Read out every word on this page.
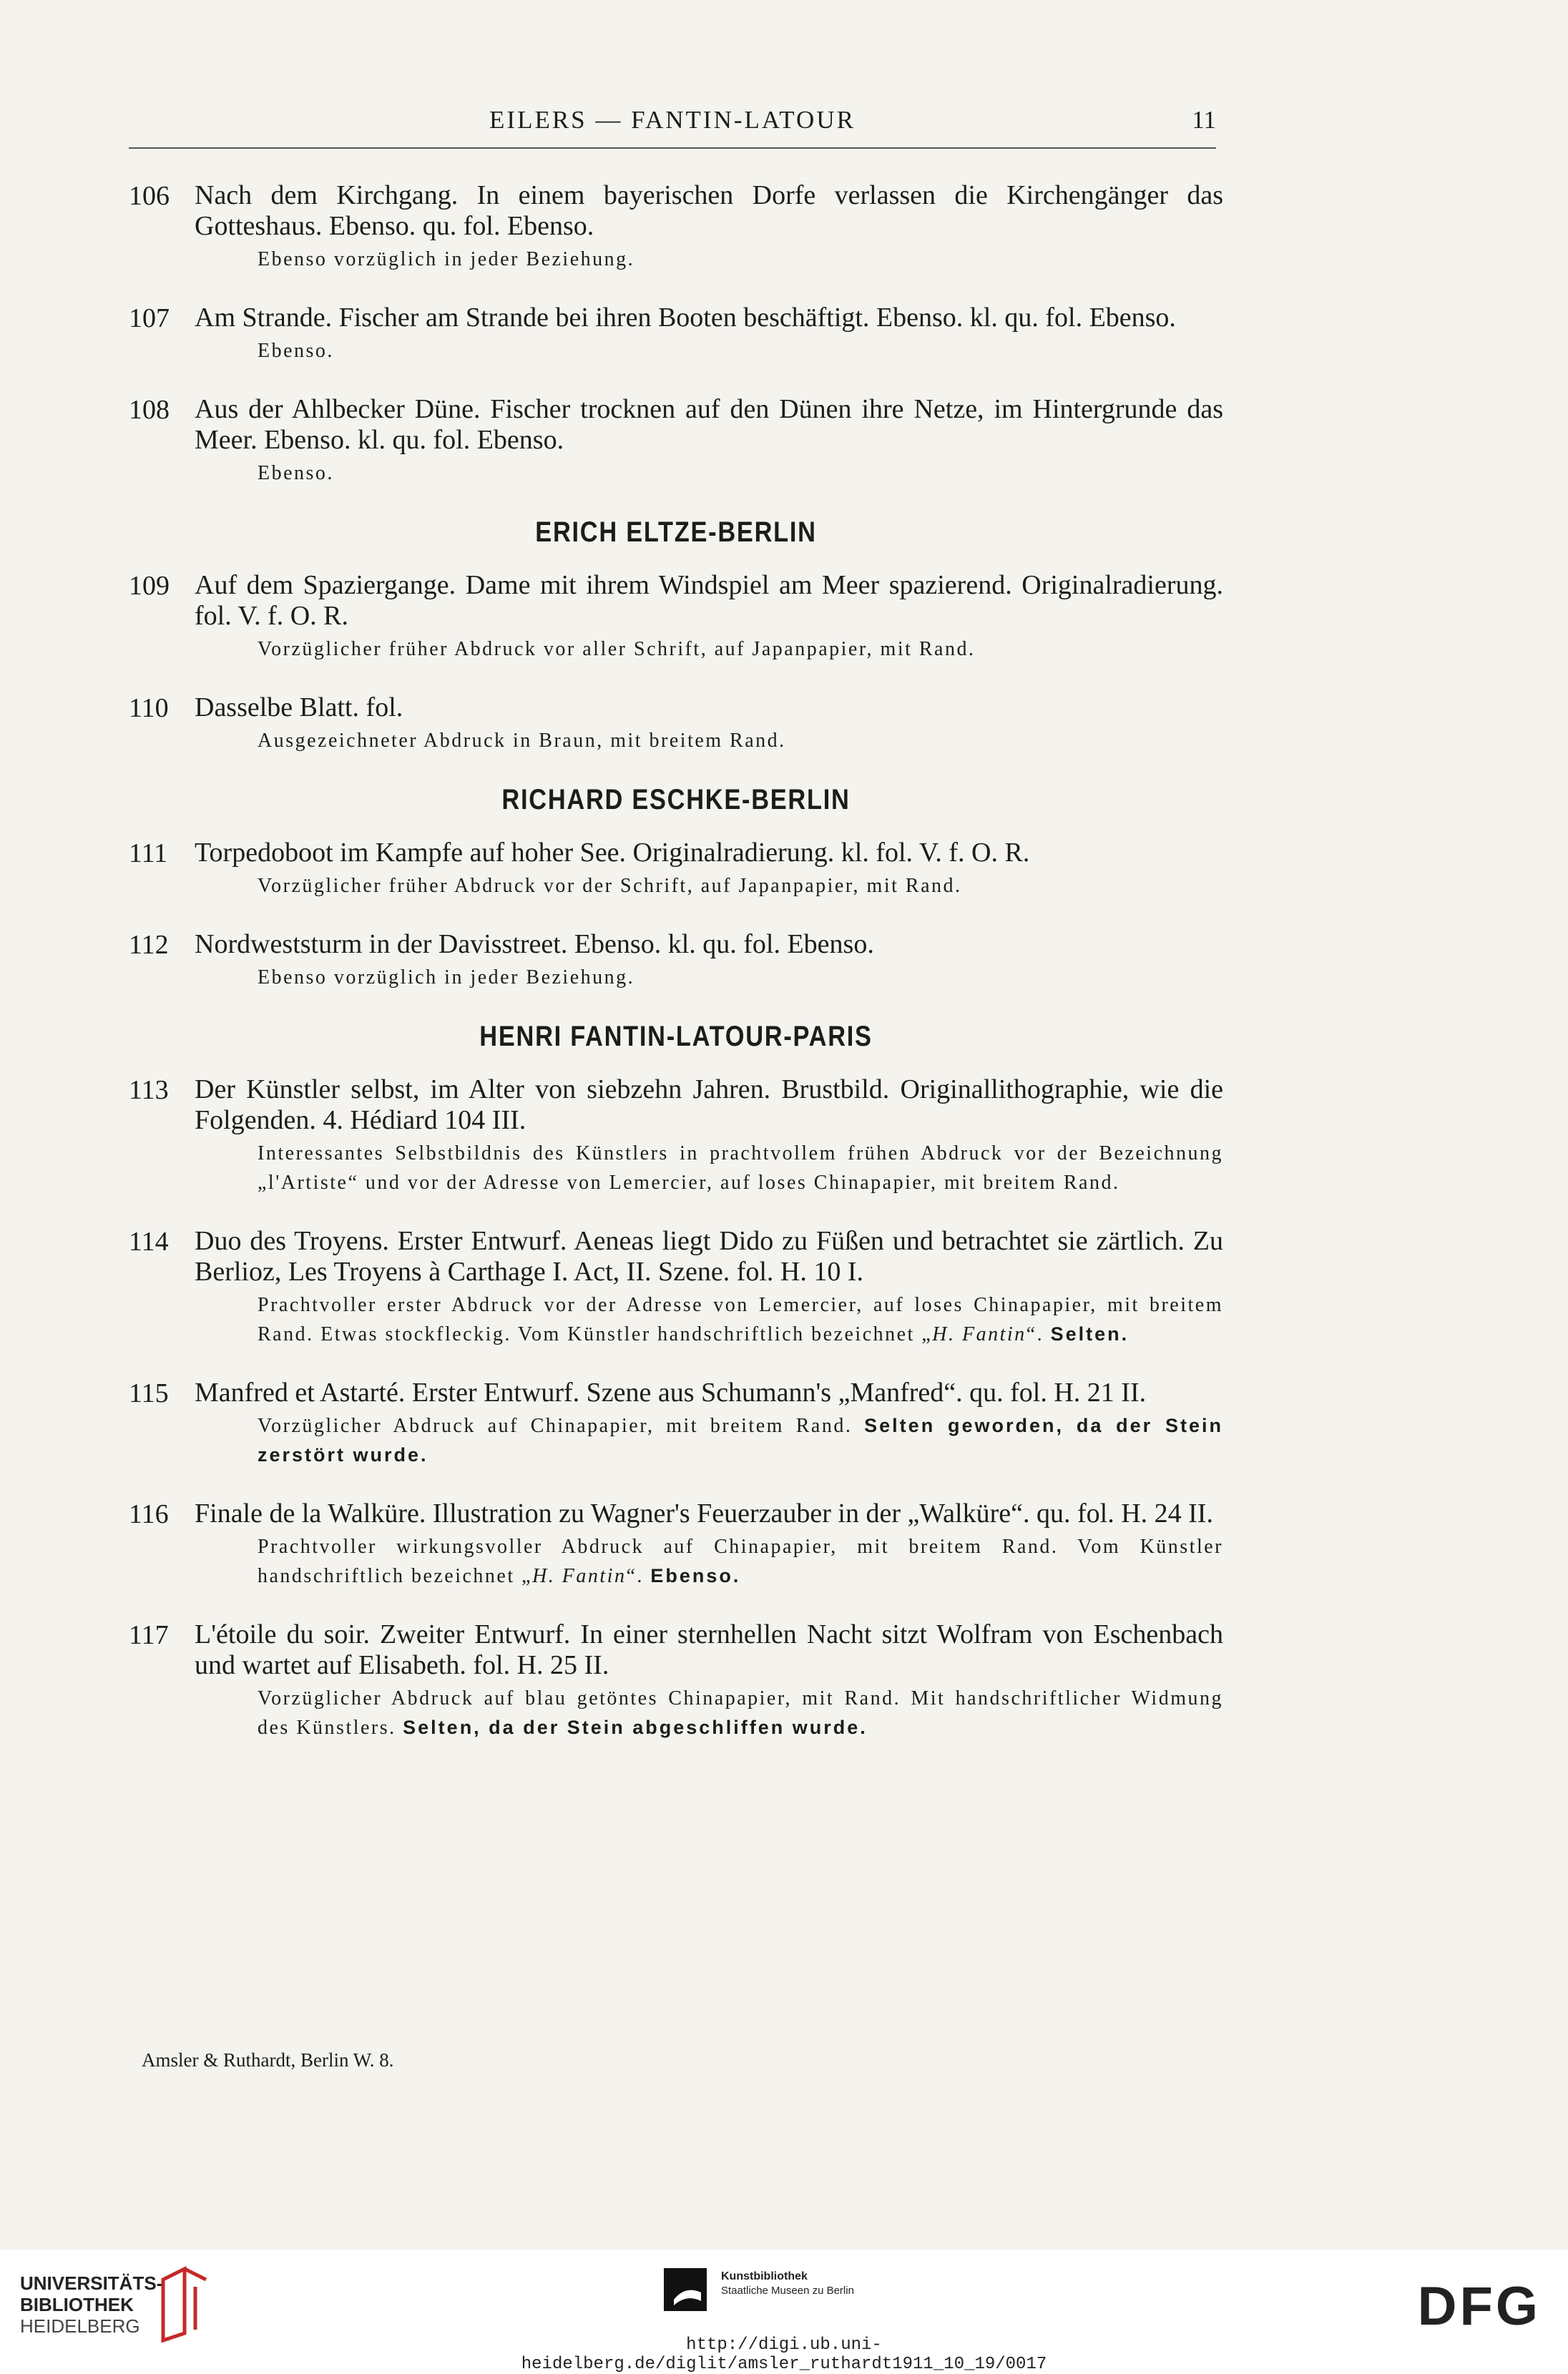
EILERS — FANTIN-LATOUR	11
106 Nach dem Kirchgang. In einem bayerischen Dorfe verlassen die Kirchengänger das Gotteshaus. Ebenso. qu. fol. Ebenso.
Ebenso vorzüglich in jeder Beziehung.
107 Am Strande. Fischer am Strande bei ihren Booten beschäftigt. Ebenso. kl. qu. fol. Ebenso.
Ebenso.
108 Aus der Ahlbecker Düne. Fischer trocknen auf den Dünen ihre Netze, im Hintergrunde das Meer. Ebenso. kl. qu. fol. Ebenso.
Ebenso.
ERICH ELTZE-BERLIN
109 Auf dem Spaziergange. Dame mit ihrem Windspiel am Meer spazierend. Originalradierung. fol. V. f. O. R.
Vorzüglicher früher Abdruck vor aller Schrift, auf Japanpapier, mit Rand.
110 Dasselbe Blatt. fol.
Ausgezeichneter Abdruck in Braun, mit breitem Rand.
RICHARD ESCHKE-BERLIN
111 Torpedoboot im Kampfe auf hoher See. Originalradierung. kl. fol. V. f. O. R.
Vorzüglicher früher Abdruck vor der Schrift, auf Japanpapier, mit Rand.
112 Nordweststurm in der Davisstreet. Ebenso. kl. qu. fol. Ebenso.
Ebenso vorzüglich in jeder Beziehung.
HENRI FANTIN-LATOUR-PARIS
113 Der Künstler selbst, im Alter von siebzehn Jahren. Brustbild. Originallithographie, wie die Folgenden. 4. Hédiard 104 III.
Interessantes Selbstbildnis des Künstlers in prachtvollem frühen Abdruck vor der Bezeichnung „l'Artiste“ und vor der Adresse von Lemercier, auf loses Chinapapier, mit breitem Rand.
114 Duo des Troyens. Erster Entwurf. Aeneas liegt Dido zu Füßen und betrachtet sie zärtlich. Zu Berlioz, Les Troyens à Carthage I. Act, II. Szene. fol. H. 10 I.
Prachtvoller erster Abdruck vor der Adresse von Lemercier, auf loses Chinapapier, mit breitem Rand. Etwas stockfleckig. Vom Künstler handschriftlich bezeichnet „H. Fantin“. Selten.
115 Manfred et Astarté. Erster Entwurf. Szene aus Schumann's „Manfred“. qu. fol. H. 21 II.
Vorzüglicher Abdruck auf Chinapapier, mit breitem Rand. Selten geworden, da der Stein zerstört wurde.
116 Finale de la Walküre. Illustration zu Wagner's Feuerzauber in der „Walküre“. qu. fol. H. 24 II.
Prachtvoller wirkungsvoller Abdruck auf Chinapapier, mit breitem Rand. Vom Künstler handschriftlich bezeichnet „H. Fantin“. Ebenso.
117 L'étoile du soir. Zweiter Entwurf. In einer sternhellen Nacht sitzt Wolfram von Eschenbach und wartet auf Elisabeth. fol. H. 25 II.
Vorzüglicher Abdruck auf blau getöntes Chinapapier, mit Rand. Mit handschriftlicher Widmung des Künstlers. Selten, da der Stein abgeschliffen wurde.
Amsler & Ruthardt, Berlin W. 8.
UNIVERSITÄTS-
BIBLIOTHEK
HEIDELBERG
Kunstbibliothek
Staatliche Museen zu Berlin	DFG
http://digi.ub.uni-heidelberg.de/diglit/amsler_ruthardt1911_10_19/0017
